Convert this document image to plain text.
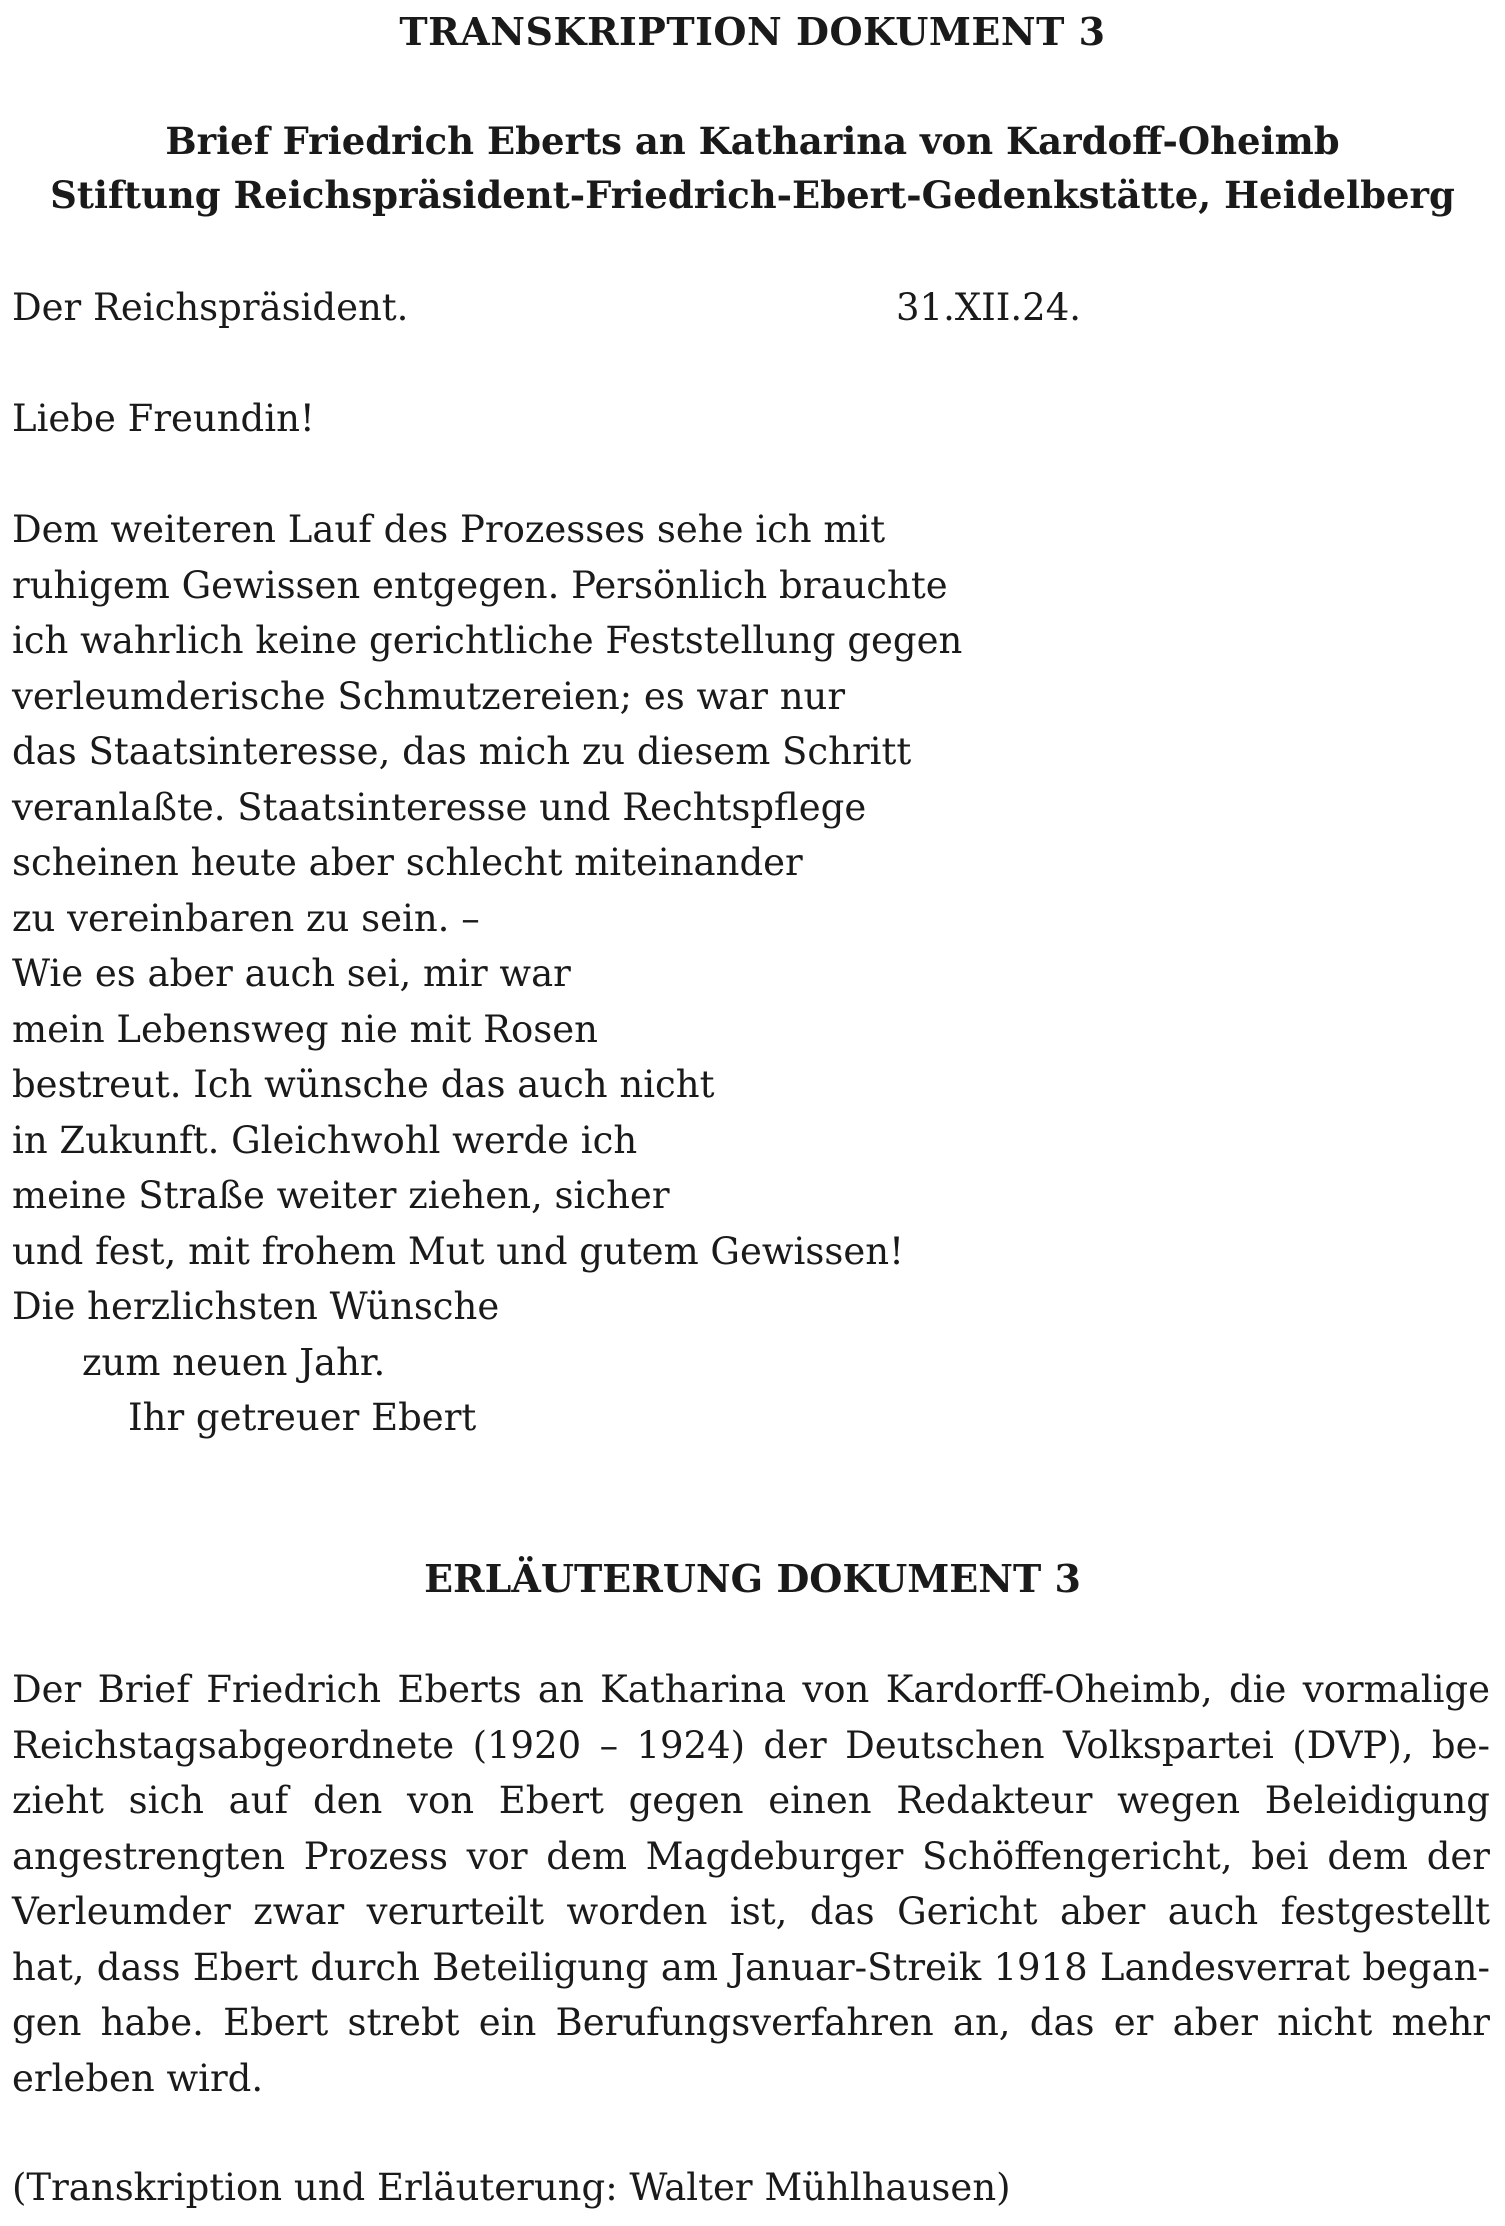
TRANSKRIPTION DOKUMENT 3
Brief Friedrich Eberts an Katharina von Kardoff-Oheimb
Stiftung Reichspräsident-Friedrich-Ebert-Gedenkstätte, Heidelberg
Der Reichspräsident.	31.XII.24.
Liebe Freundin!
Dem weiteren Lauf des Prozesses sehe ich mit
ruhigem Gewissen entgegen. Persönlich brauchte
ich wahrlich keine gerichtliche Feststellung gegen
verleumderische Schmutzereien; es war nur
das Staatsinteresse, das mich zu diesem Schritt
veranlaßte. Staatsinteresse und Rechtspflege
scheinen heute aber schlecht miteinander
zu vereinbaren zu sein. –
Wie es aber auch sei, mir war
mein Lebensweg nie mit Rosen
bestreut. Ich wünsche das auch nicht
in Zukunft. Gleichwohl werde ich
meine Straße weiter ziehen, sicher
und fest, mit frohem Mut und gutem Gewissen!
Die herzlichsten Wünsche
zum neuen Jahr.
Ihr getreuer Ebert
ERLÄUTERUNG DOKUMENT 3
Der Brief Friedrich Eberts an Katharina von Kardorff-Oheimb, die vormalige
Reichstagsabgeordnete (1920 – 1924) der Deutschen Volkspartei (DVP), be-
zieht sich auf den von Ebert gegen einen Redakteur wegen Beleidigung
angestrengten Prozess vor dem Magdeburger Schöffengericht, bei dem der
Verleumder zwar verurteilt worden ist, das Gericht aber auch festgestellt
hat, dass Ebert durch Beteiligung am Januar-Streik 1918 Landesverrat began-
gen habe. Ebert strebt ein Berufungsverfahren an, das er aber nicht mehr
erleben wird.
(Transkription und Erläuterung: Walter Mühlhausen)
